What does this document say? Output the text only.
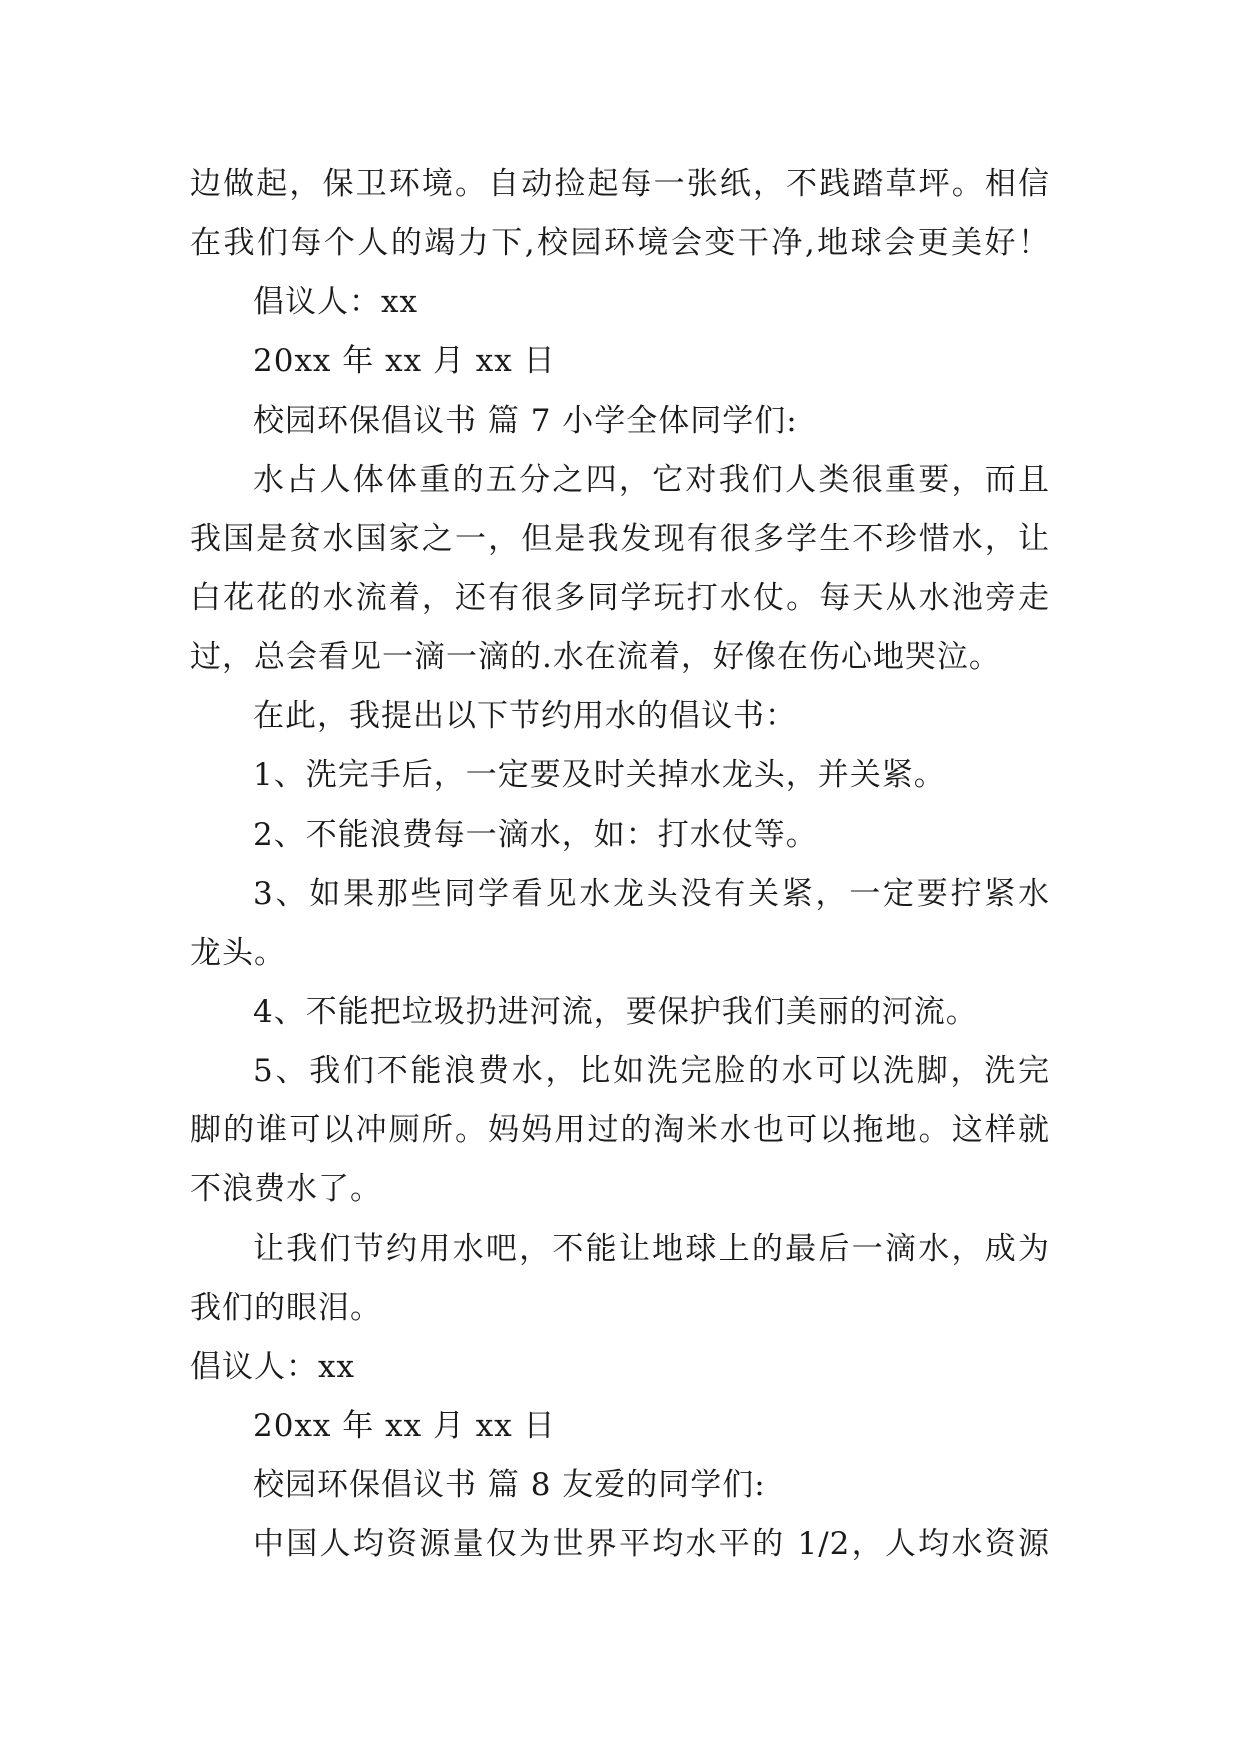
边做起，保卫环境。自动捡起每一张纸，不践踏草坪。相信
在我们每个人的竭力下,校园环境会变干净,地球会更美好！
倡议人：xx
20xx 年 xx 月 xx 日
校园环保倡议书 篇 7 小学全体同学们:
水占人体体重的五分之四，它对我们人类很重要，而且
我国是贫水国家之一，但是我发现有很多学生不珍惜水，让
白花花的水流着，还有很多同学玩打水仗。每天从水池旁走
过，总会看见一滴一滴的.水在流着，好像在伤心地哭泣。
在此，我提出以下节约用水的倡议书：
1、洗完手后，一定要及时关掉水龙头，并关紧。
2、不能浪费每一滴水，如：打水仗等。
3、如果那些同学看见水龙头没有关紧，一定要拧紧水
龙头。
4、不能把垃圾扔进河流，要保护我们美丽的河流。
5、我们不能浪费水，比如洗完脸的水可以洗脚，洗完
脚的谁可以冲厕所。妈妈用过的淘米水也可以拖地。这样就
不浪费水了。
让我们节约用水吧，不能让地球上的最后一滴水，成为
我们的眼泪。
倡议人：xx
20xx 年 xx 月 xx 日
校园环保倡议书 篇 8 友爱的同学们:
中国人均资源量仅为世界平均水平的 1/2，人均水资源
